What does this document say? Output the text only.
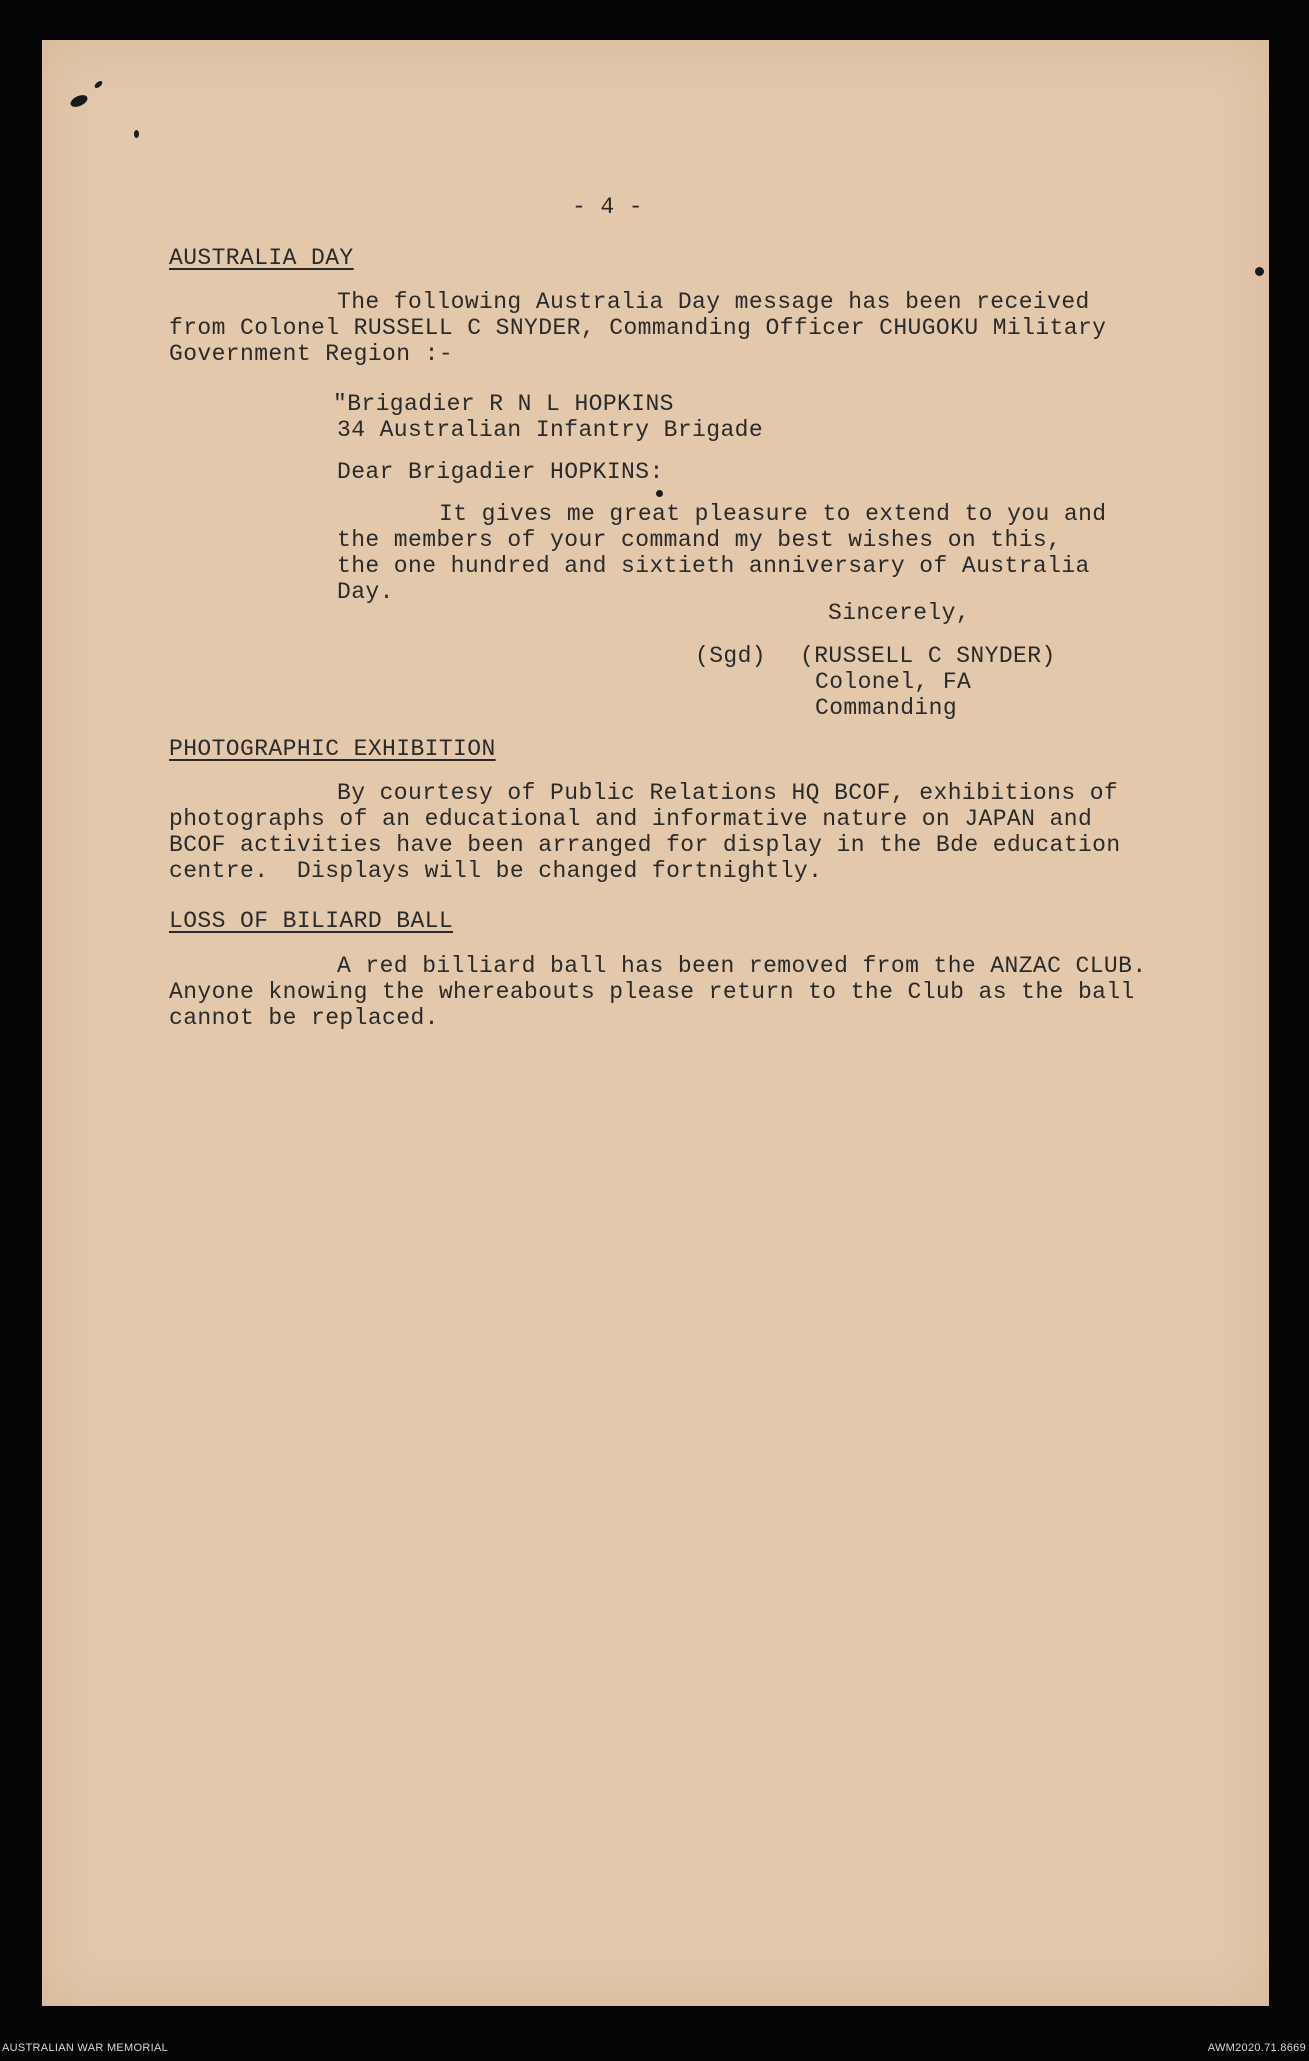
- 4 -
AUSTRALIA DAY
The following Australia Day message has been received
from Colonel RUSSELL C SNYDER, Commanding Officer CHUGOKU Military
Government Region :-
"Brigadier R N L HOPKINS
34 Australian Infantry Brigade
Dear Brigadier HOPKINS:
It gives me great pleasure to extend to you and
the members of your command my best wishes on this,
the one hundred and sixtieth anniversary of Australia
Day.
Sincerely,
(Sgd) (RUSSELL C SNYDER)
Colonel, FA
Commanding
PHOTOGRAPHIC EXHIBITION
By courtesy of Public Relations HQ BCOF, exhibitions of
photographs of an educational and informative nature on JAPAN and
BCOF activities have been arranged for display in the Bde education
centre.  Displays will be changed fortnightly.
LOSS OF BILIARD BALL
A red billiard ball has been removed from the ANZAC CLUB.
Anyone knowing the whereabouts please return to the Club as the ball
cannot be replaced.
AUSTRALIAN WAR MEMORIAL	AWM2020.71.8669
